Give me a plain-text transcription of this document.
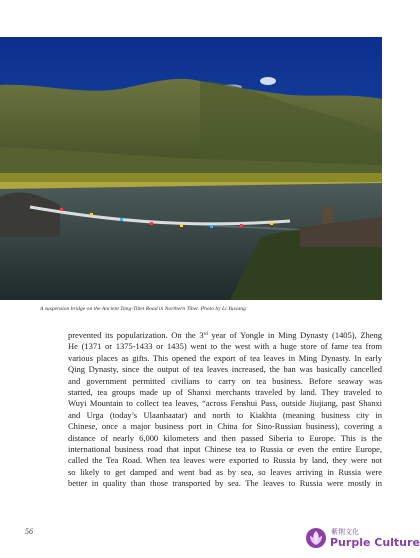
A suspension bridge on the Ancient Tang-Tibet Road in Northern Tibet. Photo by Li Yuxiang
prevented its popularization. On the 3rd year of Yongle in Ming Dynasty (1405), Zheng
He (1371 or 1375-1433 or 1435) went to the west with a huge store of fame tea from
various places as gifts. This opened the export of tea leaves in Ming Dynasty. In early
Qing Dynasty, since the output of tea leaves increased, the ban was basically cancelled
and government permitted civilians to carry on tea business. Before seaway was
started, tea groups made up of Shanxi merchants traveled by land. They traveled to
Wuyi Mountain to collect tea leaves, “across Fenshui Pass, outside Jiujiang, past Shanxi
and Urga (today’s Ulaanbaatar) and north to Kiakhta (meaning business city in
Chinese, once a major business port in China for Sino-Russian business), covering a
distance of nearly 6,000 kilometers and then passed Siberia to Europe. This is the
international business road that input Chinese tea to Russia or even the entire Europe,
called the Tea Road. When tea leaves were exported to Russia by land, they were not
so likely to get damped and went bad as by sea, so leaves arriving in Russia were
better in quality than those transported by sea. The leaves to Russia were mostly in
56	紫荆文化
Purple Culture
